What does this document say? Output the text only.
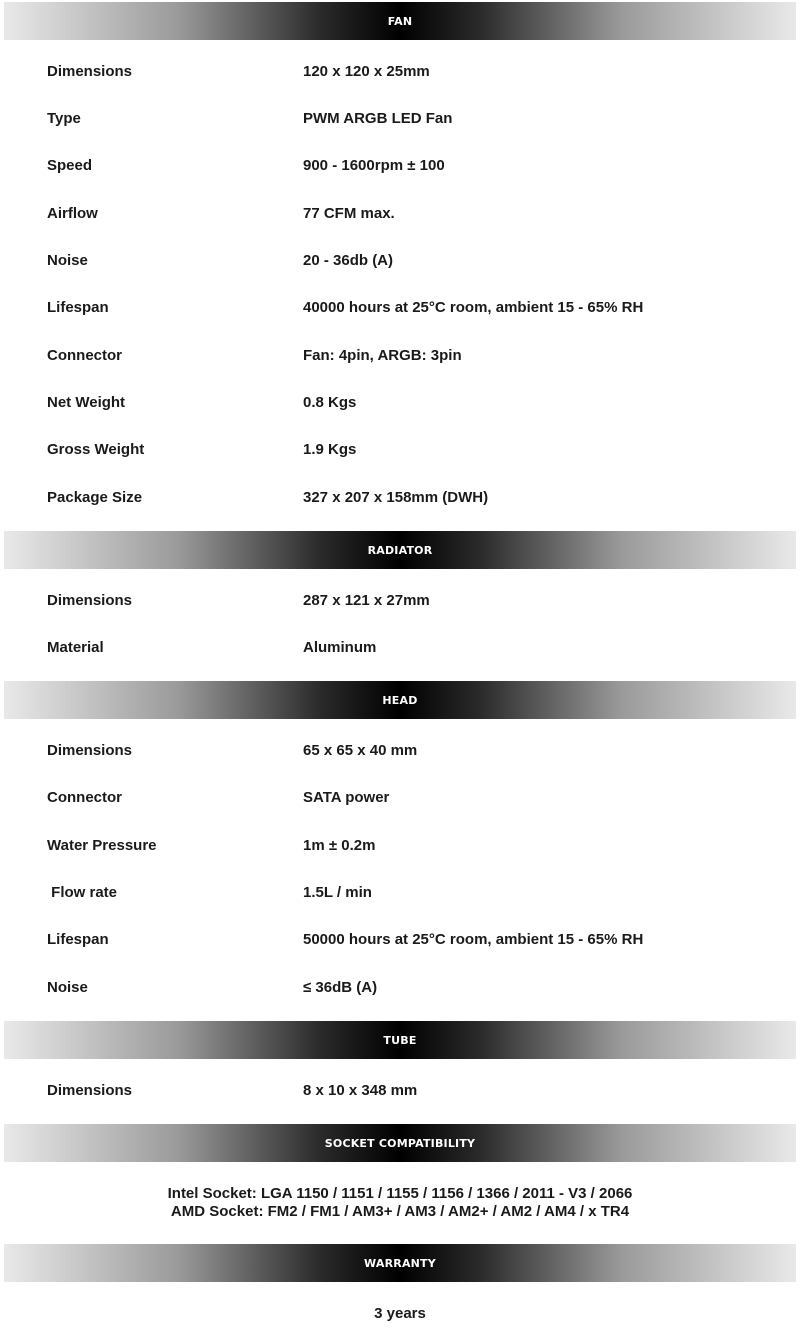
FAN
Dimensions	120 x 120 x 25mm
Type	PWM ARGB LED Fan
Speed	900 - 1600rpm ± 100
Airflow	77 CFM max.
Noise	20 - 36db (A)
Lifespan	40000 hours at 25°C room, ambient 15 - 65% RH
Connector	Fan: 4pin, ARGB: 3pin
Net Weight	0.8 Kgs
Gross Weight	1.9 Kgs
Package Size	327 x 207 x 158mm (DWH)
RADIATOR
Dimensions	287 x 121 x 27mm
Material	Aluminum
HEAD
Dimensions	65 x 65 x 40 mm
Connector	SATA power
Water Pressure	1m ± 0.2m
Flow rate	1.5L / min
Lifespan	50000 hours at 25°C room, ambient 15 - 65% RH
Noise	≤ 36dB (A)
TUBE
Dimensions	8 x 10 x 348 mm
SOCKET COMPATIBILITY
Intel Socket: LGA 1150 / 1151 / 1155 / 1156 / 1366 / 2011 - V3 / 2066
AMD Socket: FM2 / FM1 / AM3+ / AM3 / AM2+ / AM2 / AM4 / x TR4
WARRANTY
3 years
